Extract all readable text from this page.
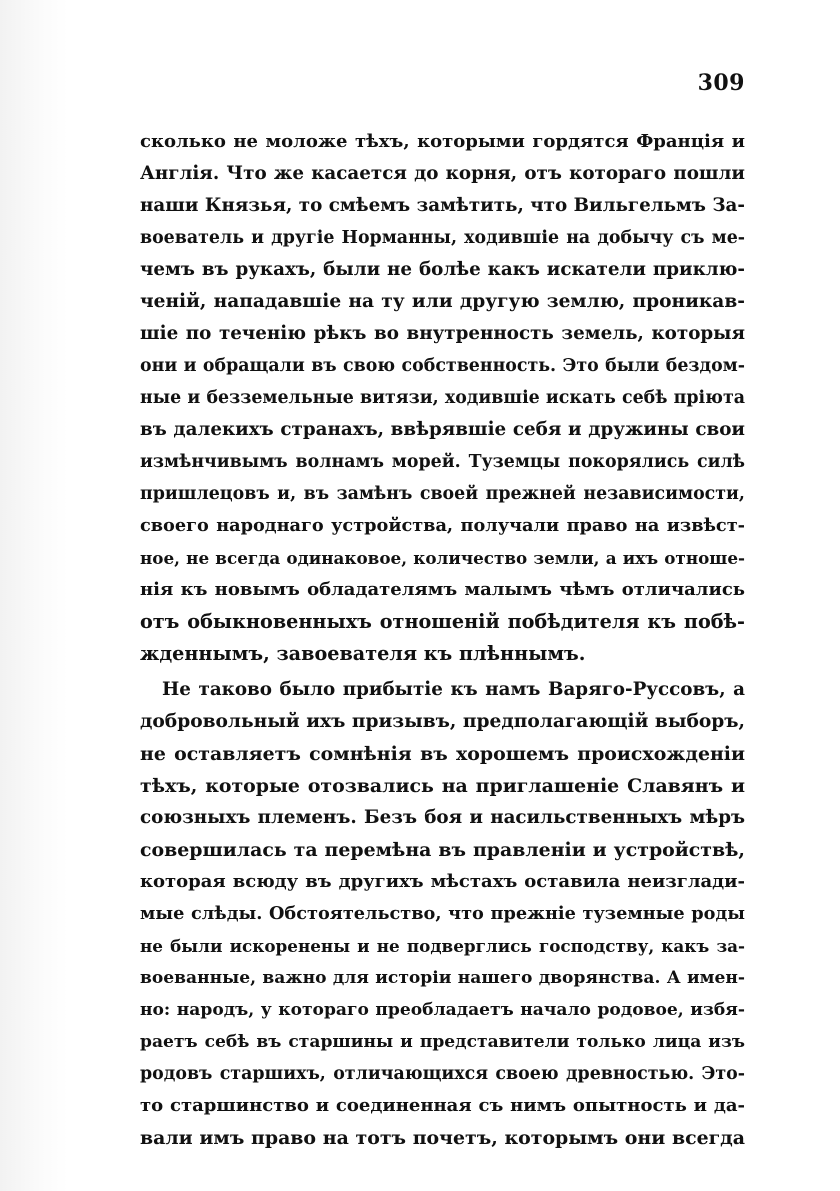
309
сколько не моложе тѣхъ, которыми гордятся Франція и
Англія. Что же касается до корня, отъ котораго пошли
наши Князья, то смѣемъ замѣтить, что Вильгельмъ За-
воеватель и другіе Норманны, ходившіе на добычу съ ме-
чемъ въ рукахъ, были не болѣе какъ искатели приклю-
ченій, нападавшіе на ту или другую землю, проникав-
шіе по теченію рѣкъ во внутренность земель, которыя
они и обращали въ свою собственность. Это были бездом-
ные и безземельные витязи, ходившіе искать себѣ пріюта
въ далекихъ странахъ, ввѣрявшіе себя и дружины свои
измѣнчивымъ волнамъ морей. Туземцы покорялись силѣ
пришлецовъ и, въ замѣнъ своей прежней независимости,
своего народнаго устройства, получали право на извѣст-
ное, не всегда одинаковое, количество земли, а ихъ отноше-
нія къ новымъ обладателямъ малымъ чѣмъ отличались
отъ обыкновенныхъ отношеній побѣдителя къ побѣ-
жденнымъ, завоевателя къ плѣннымъ.
Не таково было прибытіе къ намъ Варяго-Руссовъ, а
добровольный ихъ призывъ, предполагающій выборъ,
не оставляетъ сомнѣнія въ хорошемъ происхожденіи
тѣхъ, которые отозвались на приглашеніе Славянъ и
союзныхъ племенъ. Безъ боя и насильственныхъ мѣръ
совершилась та перемѣна въ правленіи и устройствѣ,
которая всюду въ другихъ мѣстахъ оставила неизглади-
мые слѣды. Обстоятельство, что прежніе туземные роды
не были искоренены и не подверглись господству, какъ за-
воеванные, важно для исторіи нашего дворянства. А имен-
но: народъ, у котораго преобладаетъ начало родовое, избя-
раетъ себѣ въ старшины и представители только лица изъ
родовъ старшихъ, отличающихся своею древностью. Это-
то старшинство и соединенная съ нимъ опытность и да-
вали имъ право на тотъ почетъ, которымъ они всегда
